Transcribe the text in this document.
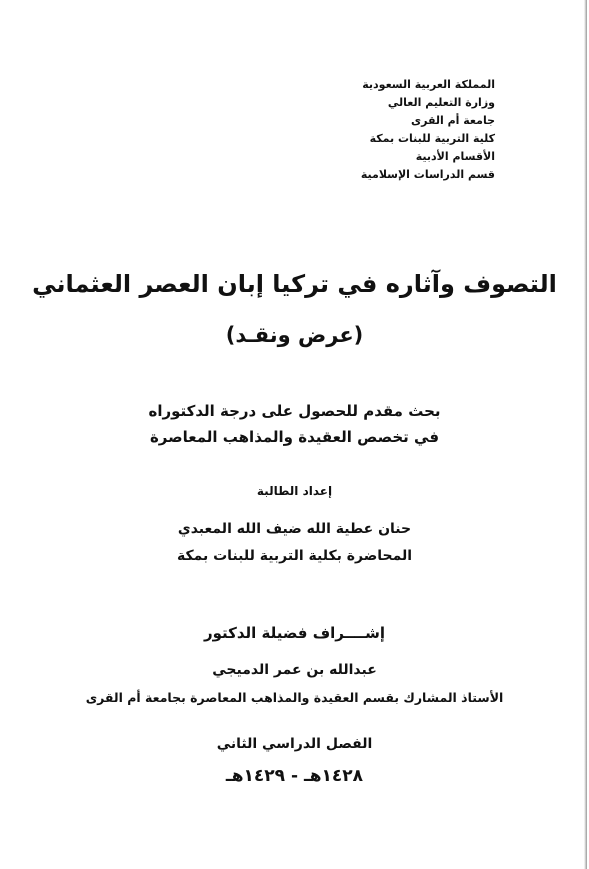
المملكة العربية السعودية
وزارة التعليم العالي
جامعة أم القرى
كلية التربية للبنات بمكة
الأقسام الأدبية
قسم الدراسات الإسلامية
التصوف وآثاره في تركيا إبان العصر العثماني
(عرض ونقـد)
بحث مقدم للحصول على درجة الدكتوراه
في تخصص العقيدة والمذاهب المعاصرة
إعداد الطالبة
حنان عطية الله ضيف الله المعبدي
المحاضرة بكلية التربية للبنات بمكة
إشــــراف فضيلة الدكتور
عبدالله بن عمر الدميجي
الأستاذ المشارك بقسم العقيدة والمذاهب المعاصرة بجامعة أم القرى
الفصل الدراسي الثاني
١٤٢٨هـ - ١٤٢٩هـ
